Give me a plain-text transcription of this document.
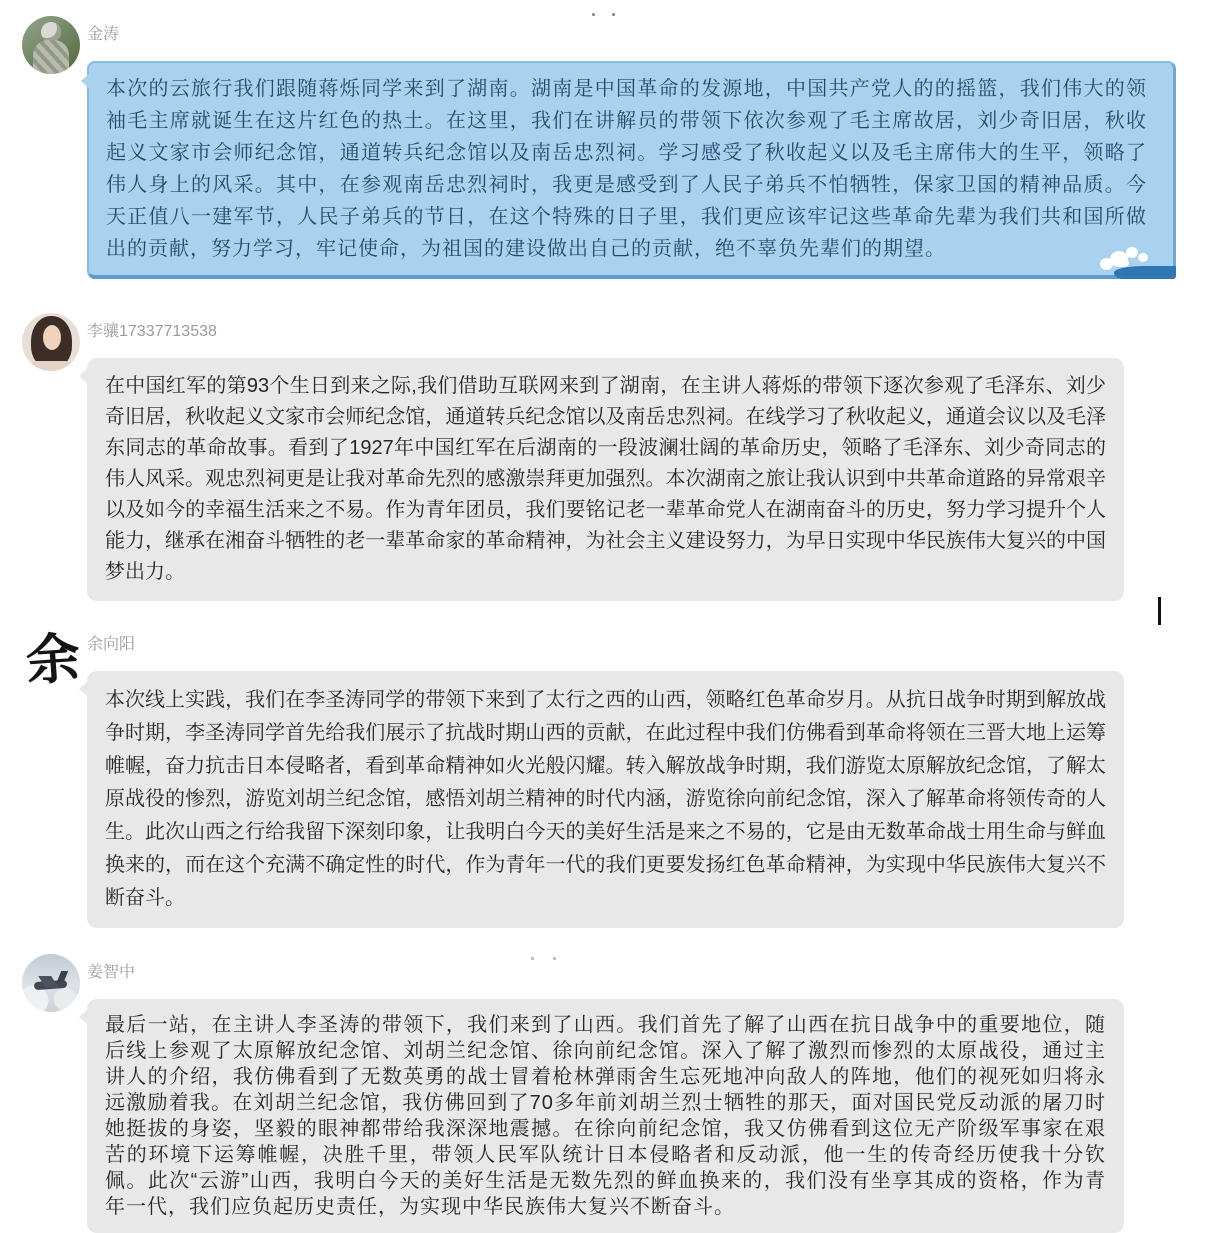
金涛
本次的云旅行我们跟随蒋烁同学来到了湖南。湖南是中国革命的发源地，中国共产党人的的摇篮，我们伟大的领袖毛主席就诞生在这片红色的热土。在这里，我们在讲解员的带领下依次参观了毛主席故居，刘少奇旧居，秋收起义文家市会师纪念馆，通道转兵纪念馆以及南岳忠烈祠。学习感受了秋收起义以及毛主席伟大的生平，领略了伟人身上的风采。其中，在参观南岳忠烈祠时，我更是感受到了人民子弟兵不怕牺牲，保家卫国的精神品质。今天正值八一建军节，人民子弟兵的节日，在这个特殊的日子里，我们更应该牢记这些革命先辈为我们共和国所做出的贡献，努力学习，牢记使命，为祖国的建设做出自己的贡献，绝不辜负先辈们的期望。
李骧17337713538
在中国红军的第93个生日到来之际,我们借助互联网来到了湖南，在主讲人蒋烁的带领下逐次参观了毛泽东、刘少奇旧居，秋收起义文家市会师纪念馆，通道转兵纪念馆以及南岳忠烈祠。在线学习了秋收起义，通道会议以及毛泽东同志的革命故事。看到了1927年中国红军在后湖南的一段波澜壮阔的革命历史，领略了毛泽东、刘少奇同志的伟人风采。观忠烈祠更是让我对革命先烈的感激崇拜更加强烈。本次湖南之旅让我认识到中共革命道路的异常艰辛以及如今的幸福生活来之不易。作为青年团员，我们要铭记老一辈革命党人在湖南奋斗的历史，努力学习提升个人能力，继承在湘奋斗牺牲的老一辈革命家的革命精神，为社会主义建设努力，为早日实现中华民族伟大复兴的中国梦出力。
余 余向阳
本次线上实践，我们在李圣涛同学的带领下来到了太行之西的山西，领略红色革命岁月。从抗日战争时期到解放战争时期，李圣涛同学首先给我们展示了抗战时期山西的贡献，在此过程中我们仿佛看到革命将领在三晋大地上运筹帷幄，奋力抗击日本侵略者，看到革命精神如火光般闪耀。转入解放战争时期，我们游览太原解放纪念馆，了解太原战役的惨烈，游览刘胡兰纪念馆，感悟刘胡兰精神的时代内涵，游览徐向前纪念馆，深入了解革命将领传奇的人生。此次山西之行给我留下深刻印象，让我明白今天的美好生活是来之不易的，它是由无数革命战士用生命与鲜血换来的，而在这个充满不确定性的时代，作为青年一代的我们更要发扬红色革命精神，为实现中华民族伟大复兴不断奋斗。
姜智中
最后一站，在主讲人李圣涛的带领下，我们来到了山西。我们首先了解了山西在抗日战争中的重要地位，随后线上参观了太原解放纪念馆、刘胡兰纪念馆、徐向前纪念馆。深入了解了激烈而惨烈的太原战役，通过主讲人的介绍，我仿佛看到了无数英勇的战士冒着枪林弹雨舍生忘死地冲向敌人的阵地，他们的视死如归将永远激励着我。在刘胡兰纪念馆，我仿佛回到了70多年前刘胡兰烈士牺牲的那天，面对国民党反动派的屠刀时她挺拔的身姿，坚毅的眼神都带给我深深地震撼。在徐向前纪念馆，我又仿佛看到这位无产阶级军事家在艰苦的环境下运筹帷幄，决胜千里，带领人民军队统计日本侵略者和反动派，他一生的传奇经历使我十分钦佩。此次“云游”山西，我明白今天的美好生活是无数先烈的鲜血换来的，我们没有坐享其成的资格，作为青年一代，我们应负起历史责任，为实现中华民族伟大复兴不断奋斗。
